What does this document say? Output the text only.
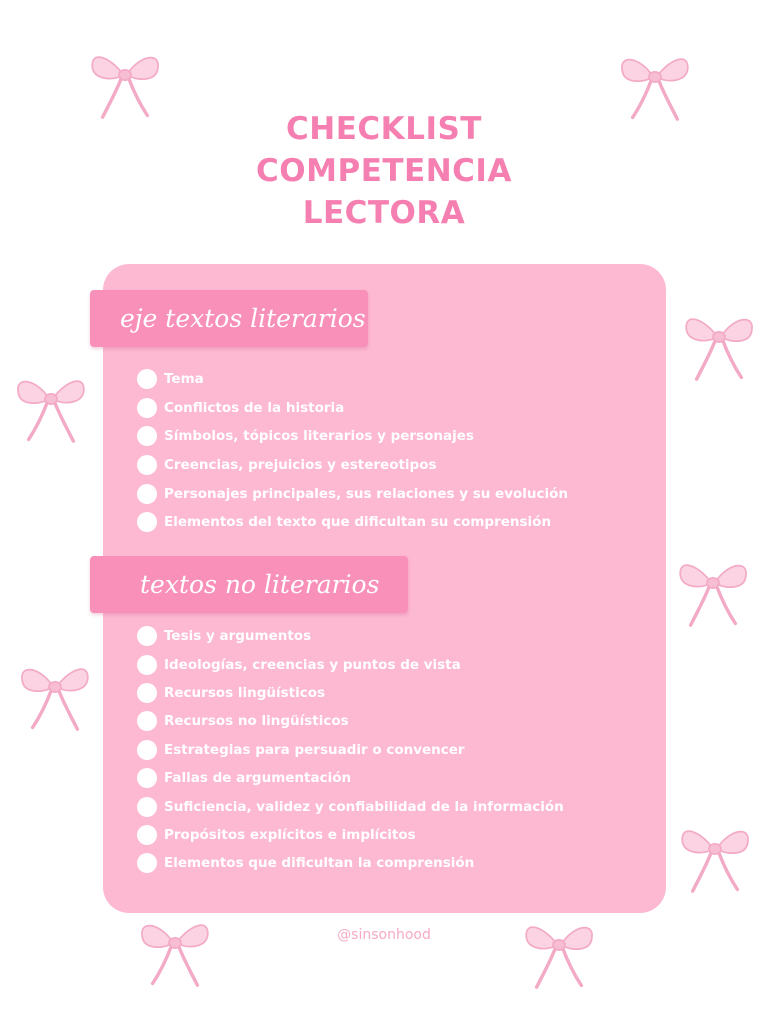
CHECKLIST
COMPETENCIA
LECTORA
eje textos literarios
Tema
Conflictos de la historia
Símbolos, tópicos literarios y personajes
Creencias, prejuicios y estereotipos
Personajes principales, sus relaciones y su evolución
Elementos del texto que dificultan su comprensión
textos no literarios
Tesis y argumentos
Ideologías, creencias y puntos de vista
Recursos lingüísticos
Recursos no lingüísticos
Estrategias para persuadir o convencer
Fallas de argumentación
Suficiencia, validez y confiabilidad de la información
Propósitos explícitos e implícitos
Elementos que dificultan la comprensión
@sinsonhood
